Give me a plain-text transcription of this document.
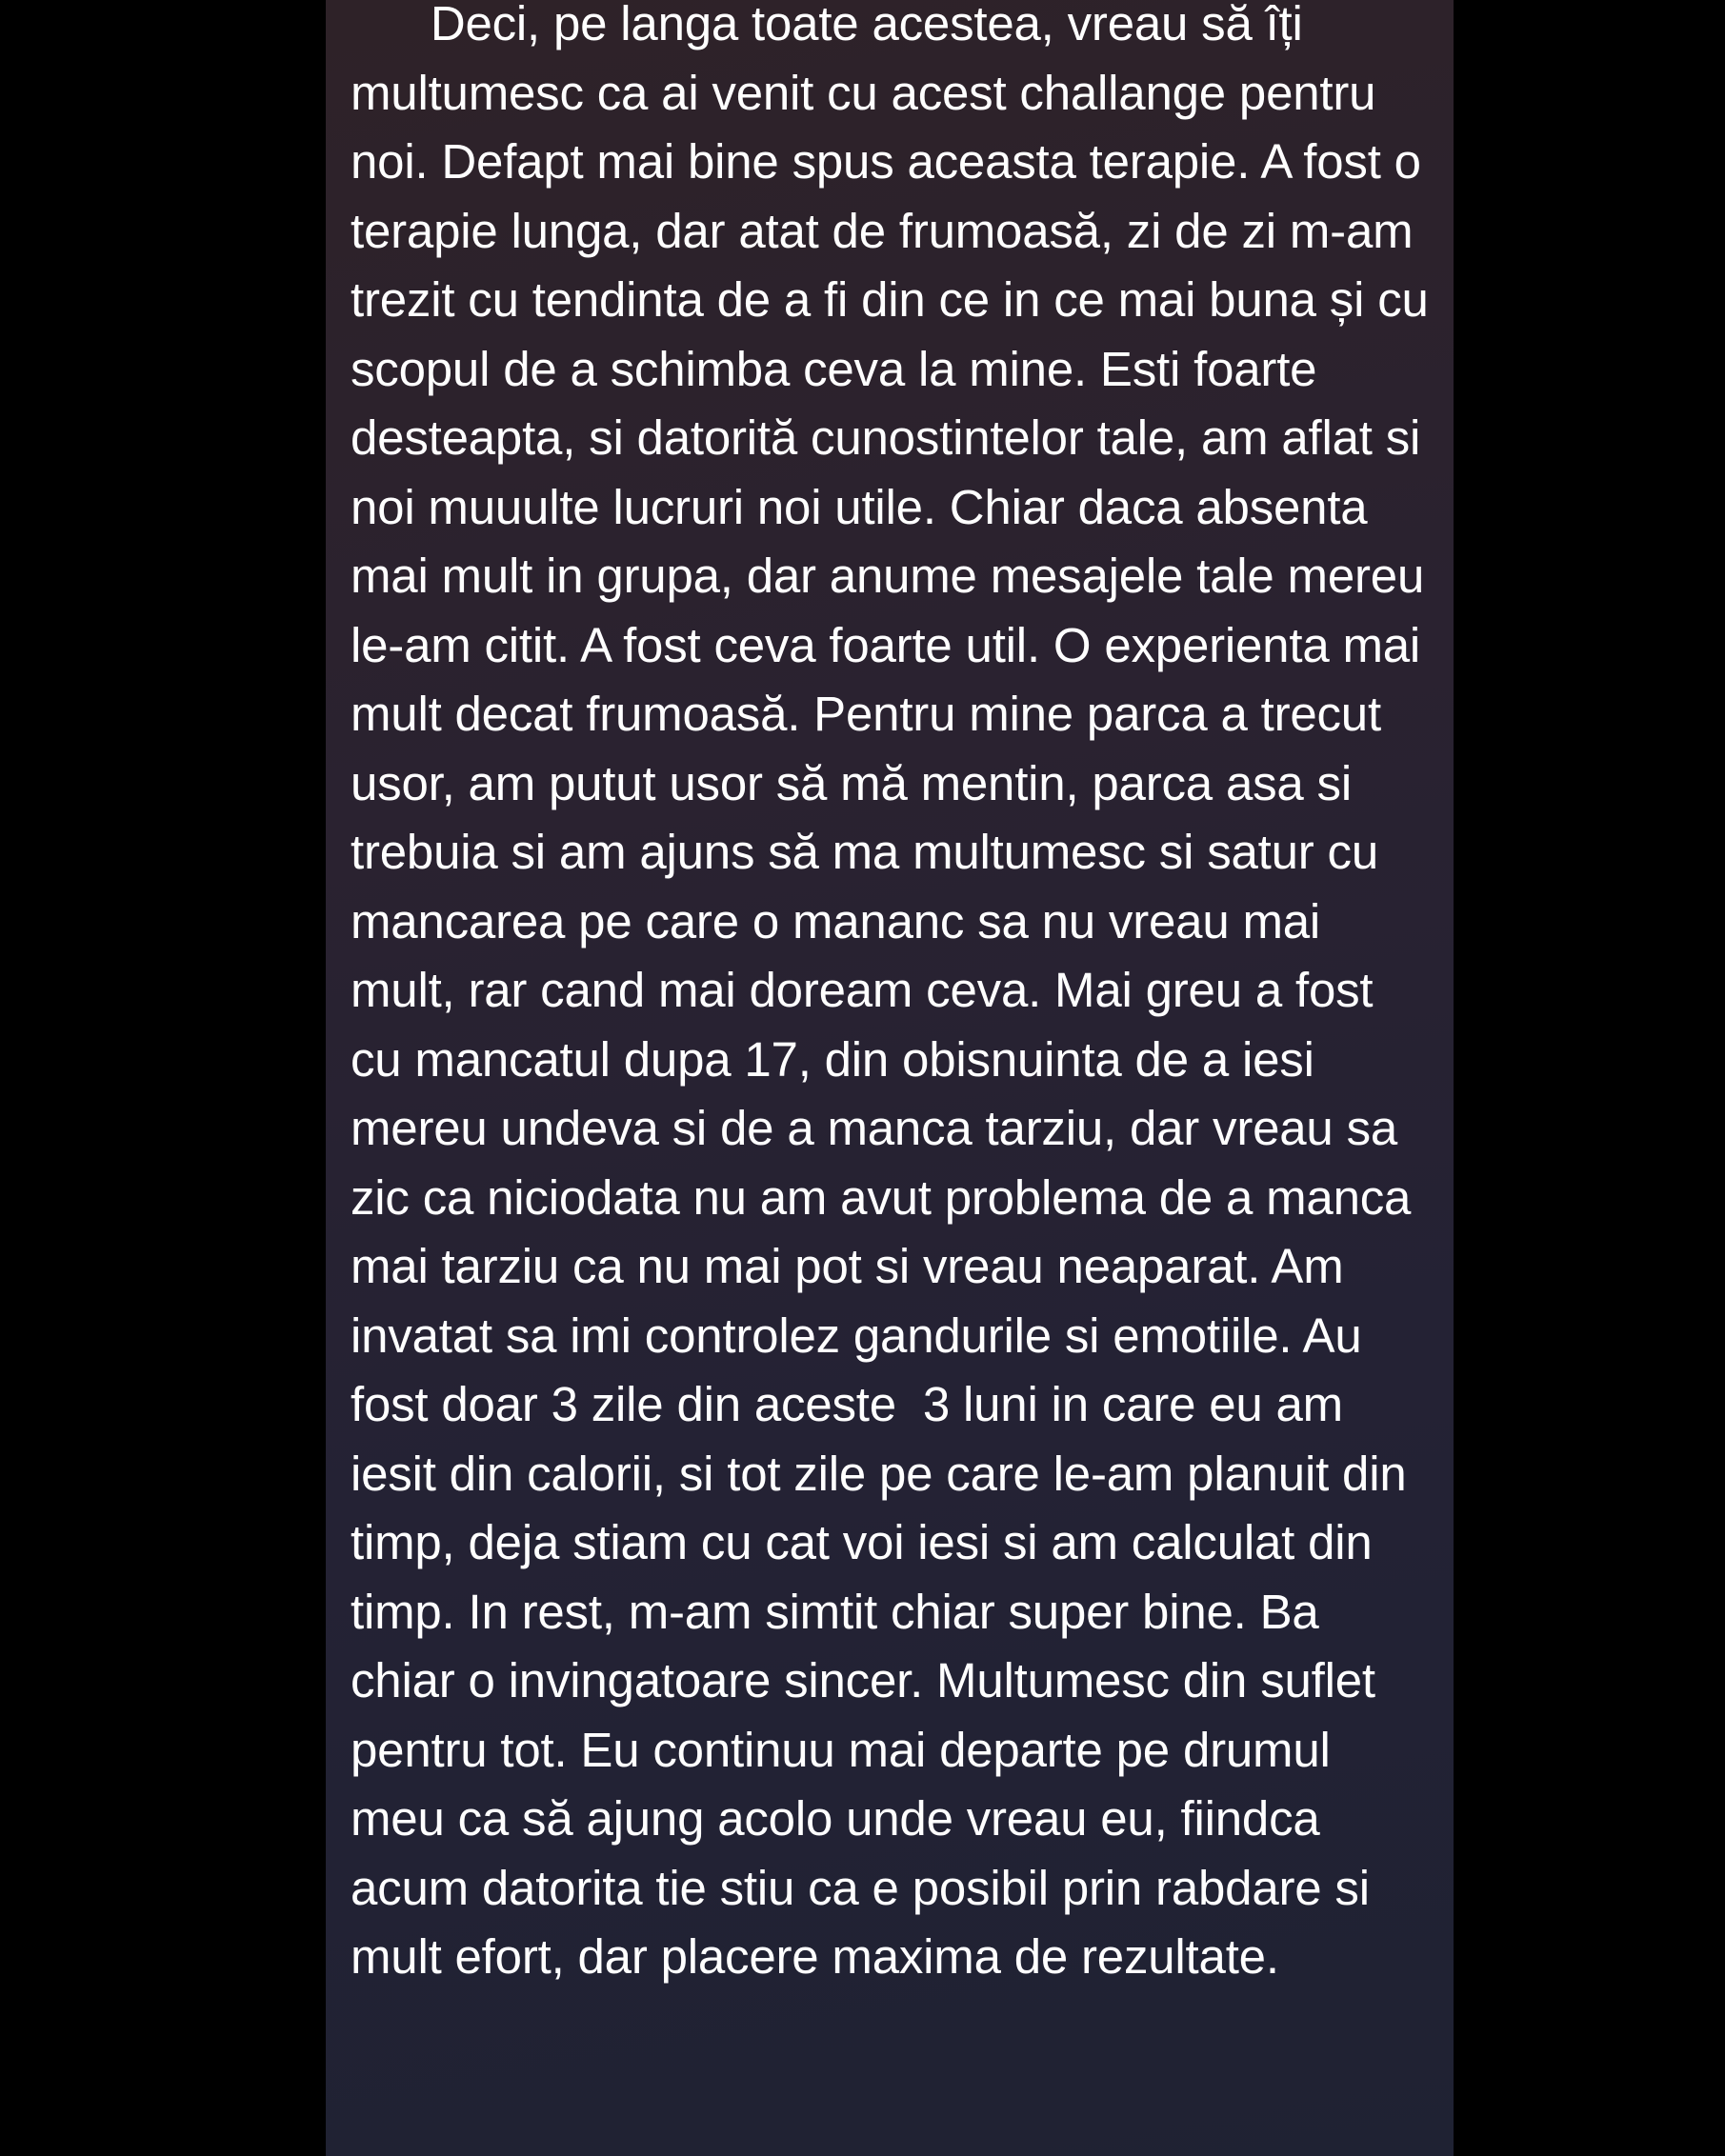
Deci, pe langa toate acestea, vreau să îți multumesc ca ai venit cu acest challange pentru noi. Defapt mai bine spus aceasta terapie. A fost o terapie lunga, dar atat de frumoasă, zi de zi m-am trezit cu tendinta de a fi din ce in ce mai buna și cu scopul de a schimba ceva la mine. Esti foarte desteapta, si datorită cunostintelor tale, am aflat si noi muuulte lucruri noi utile. Chiar daca absenta mai mult in grupa, dar anume mesajele tale mereu le-am citit. A fost ceva foarte util. O experienta mai mult decat frumoasă. Pentru mine parca a trecut usor, am putut usor să mă mentin, parca asa si trebuia si am ajuns să ma multumesc si satur cu mancarea pe care o mananc sa nu vreau mai mult, rar cand mai doream ceva. Mai greu a fost cu mancatul dupa 17, din obisnuinta de a iesi mereu undeva si de a manca tarziu, dar vreau sa zic ca niciodata nu am avut problema de a manca mai tarziu ca nu mai pot si vreau neaparat. Am invatat sa imi controlez gandurile si emotiile. Au fost doar 3 zile din aceste  3 luni in care eu am iesit din calorii, si tot zile pe care le-am planuit din timp, deja stiam cu cat voi iesi si am calculat din timp. In rest, m-am simtit chiar super bine. Ba chiar o invingatoare sincer. Multumesc din suflet pentru tot. Eu continuu mai departe pe drumul meu ca să ajung acolo unde vreau eu, fiindca acum datorita tie stiu ca e posibil prin rabdare si mult efort, dar placere maxima de rezultate.
